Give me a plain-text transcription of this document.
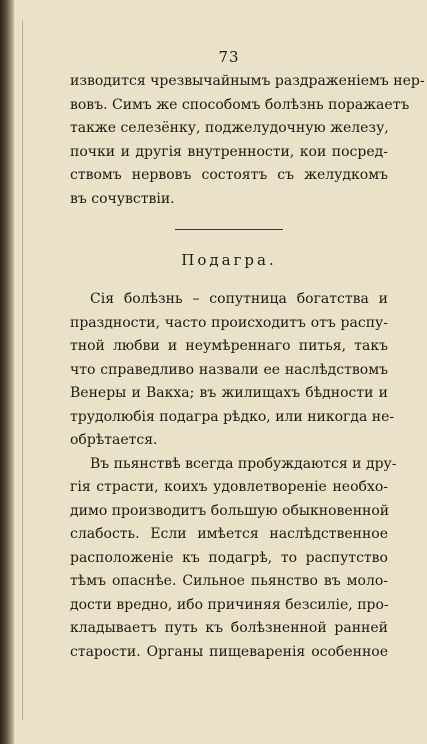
73
изводится чрезвычайнымъ раздраженіемъ нер-
вовъ. Симъ же способомъ болѣзнь поражаетъ
также селезёнку, поджелудочную железу,
почки и другія внутренности, кои посред-
ствомъ нервовъ состоятъ съ желудкомъ
въ сочувствіи.
Подагра.
Сія болѣзнь – сопутница богатства и
праздности, часто происходитъ отъ распу-
тной любви и неумѣреннаго питья, такъ
что справедливо назвали ее наслѣдствомъ
Венеры и Вакха; въ жилищахъ бѣдности и
трудолюбія подагра рѣдко, или никогда не-
обрѣтается.
Въ пьянствѣ всегда пробуждаются и дру-
гія страсти, коихъ удовлетвореніе необхо-
димо производитъ большую обыкновенной
слабость. Если имѣется наслѣдственное
расположеніе къ подагрѣ, то распутство
тѣмъ опаснѣе. Сильное пьянство въ моло-
дости вредно, ибо причиняя безсиліе, про-
кладываетъ путь къ болѣзненной ранней
старости. Органы пищеваренія особенное
